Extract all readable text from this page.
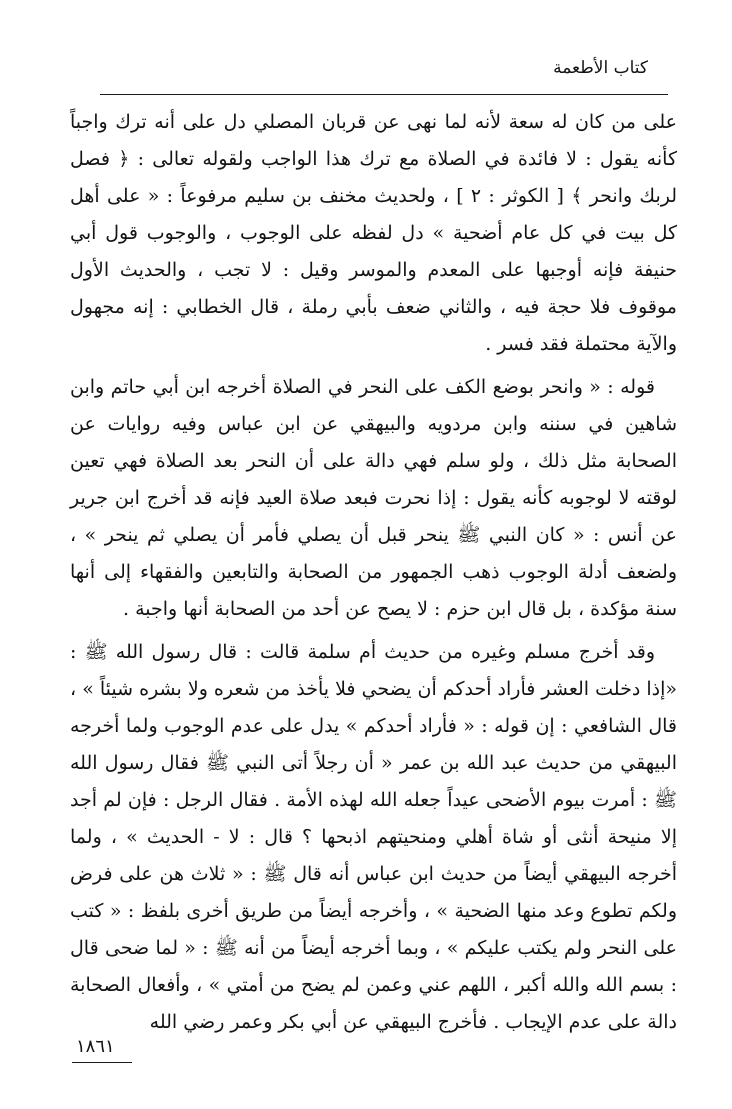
كتاب الأطعمة

على من كان له سعة لأنه لما نهى عن قربان المصلي دل على أنه ترك واجباً كأنه يقول : لا فائدة في الصلاة مع ترك هذا الواجب ولقوله تعالى : ﴿ فصل لربك وانحر ﴾ [ الكوثر : ٢ ] ، ولحديث مخنف بن سليم مرفوعاً : « على أهل كل بيت في كل عام أضحية » دل لفظه على الوجوب ، والوجوب قول أبي حنيفة فإنه أوجبها على المعدم والموسر وقيل : لا تجب ، والحديث الأول موقوف فلا حجة فيه ، والثاني ضعف بأبي رملة ، قال الخطابي : إنه مجهول والآية محتملة فقد فسر .

قوله : « وانحر بوضع الكف على النحر في الصلاة أخرجه ابن أبي حاتم وابن شاهين في سننه وابن مردويه والبيهقي عن ابن عباس وفيه روايات عن الصحابة مثل ذلك ، ولو سلم فهي دالة على أن النحر بعد الصلاة فهي تعين لوقته لا لوجوبه كأنه يقول : إذا نحرت فبعد صلاة العيد فإنه قد أخرج ابن جرير عن أنس : « كان النبي ﷺ ينحر قبل أن يصلي فأمر أن يصلي ثم ينحر » ، ولضعف أدلة الوجوب ذهب الجمهور من الصحابة والتابعين والفقهاء إلى أنها سنة مؤكدة ، بل قال ابن حزم : لا يصح عن أحد من الصحابة أنها واجبة .

وقد أخرج مسلم وغيره من حديث أم سلمة قالت : قال رسول الله ﷺ : «إذا دخلت العشر فأراد أحدكم أن يضحي فلا يأخذ من شعره ولا بشره شيئاً » ، قال الشافعي : إن قوله : « فأراد أحدكم » يدل على عدم الوجوب ولما أخرجه البيهقي من حديث عبد الله بن عمر « أن رجلاً أتى النبي ﷺ فقال رسول الله ﷺ : أمرت بيوم الأضحى عيداً جعله الله لهذه الأمة . فقال الرجل : فإن لم أجد إلا منيحة أنثى أو شاة أهلي ومنحيتهم اذبحها ؟ قال : لا - الحديث » ، ولما أخرجه البيهقي أيضاً من حديث ابن عباس أنه قال ﷺ : « ثلاث هن على فرض ولكم تطوع وعد منها الضحية » ، وأخرجه أيضاً من طريق أخرى بلفظ : « كتب على النحر ولم يكتب عليكم » ، وبما أخرجه أيضاً من أنه ﷺ : « لما ضحى قال : بسم الله والله أكبر ، اللهم عني وعمن لم يضح من أمتي » ، وأفعال الصحابة دالة على عدم الإيجاب . فأخرج البيهقي عن أبي بكر وعمر رضي الله

١٨٦١
